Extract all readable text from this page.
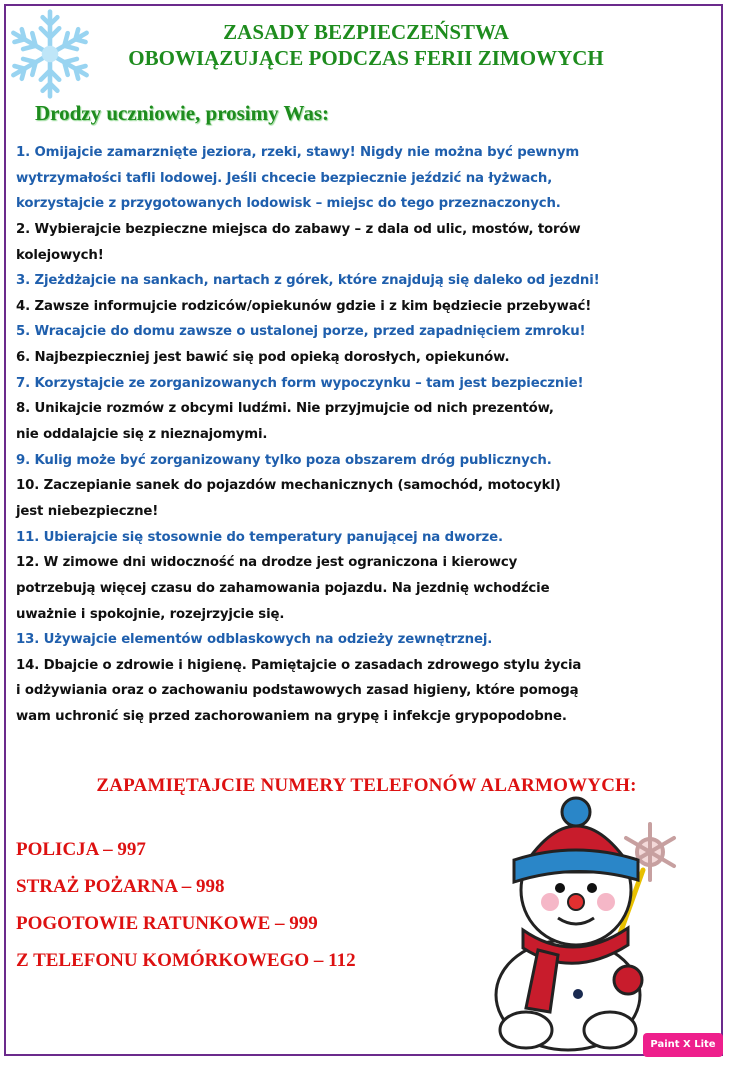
ZASADY BEZPIECZEŃSTWA
OBOWIĄZUJĄCE PODCZAS FERII ZIMOWYCH
Drodzy uczniowie, prosimy Was:
1. Omijajcie zamarznięte jeziora, rzeki, stawy! Nigdy nie można być pewnym
wytrzymałości tafli lodowej. Jeśli chcecie bezpiecznie jeździć na łyżwach,
korzystajcie z przygotowanych lodowisk – miejsc do tego przeznaczonych.
2. Wybierajcie bezpieczne miejsca do zabawy – z dala od ulic, mostów, torów
kolejowych!
3. Zjeżdżajcie na sankach, nartach z górek, które znajdują się daleko od jezdni!
4. Zawsze informujcie rodziców/opiekunów gdzie i z kim będziecie przebywać!
5. Wracajcie do domu zawsze o ustalonej porze, przed zapadnięciem zmroku!
6. Najbezpieczniej jest bawić się pod opieką dorosłych, opiekunów.
7. Korzystajcie ze zorganizowanych form wypoczynku – tam jest bezpiecznie!
8. Unikajcie rozmów z obcymi ludźmi. Nie przyjmujcie od nich prezentów,
nie oddalajcie się z nieznajomymi.
9. Kulig może być zorganizowany tylko poza obszarem dróg publicznych.
10. Zaczepianie sanek do pojazdów mechanicznych (samochód, motocykl)
jest niebezpieczne!
11. Ubierajcie się stosownie do temperatury panującej na dworze.
12. W zimowe dni widoczność na drodze jest ograniczona i kierowcy
potrzebują więcej czasu do zahamowania pojazdu. Na jezdnię wchodźcie
uważnie i spokojnie, rozejrzyjcie się.
13. Używajcie elementów odblaskowych na odzieży zewnętrznej.
14. Dbajcie o zdrowie i higienę. Pamiętajcie o zasadach zdrowego stylu życia
i odżywiania oraz o zachowaniu podstawowych zasad higieny, które pomogą
wam uchronić się przed zachorowaniem na grypę i infekcje grypopodobne.
ZAPAMIĘTAJCIE NUMERY TELEFONÓW ALARMOWYCH:
POLICJA – 997
STRAŻ POŻARNA – 998
POGOTOWIE RATUNKOWE – 999
Z TELEFONU KOMÓRKOWEGO – 112
Paint X Lite
